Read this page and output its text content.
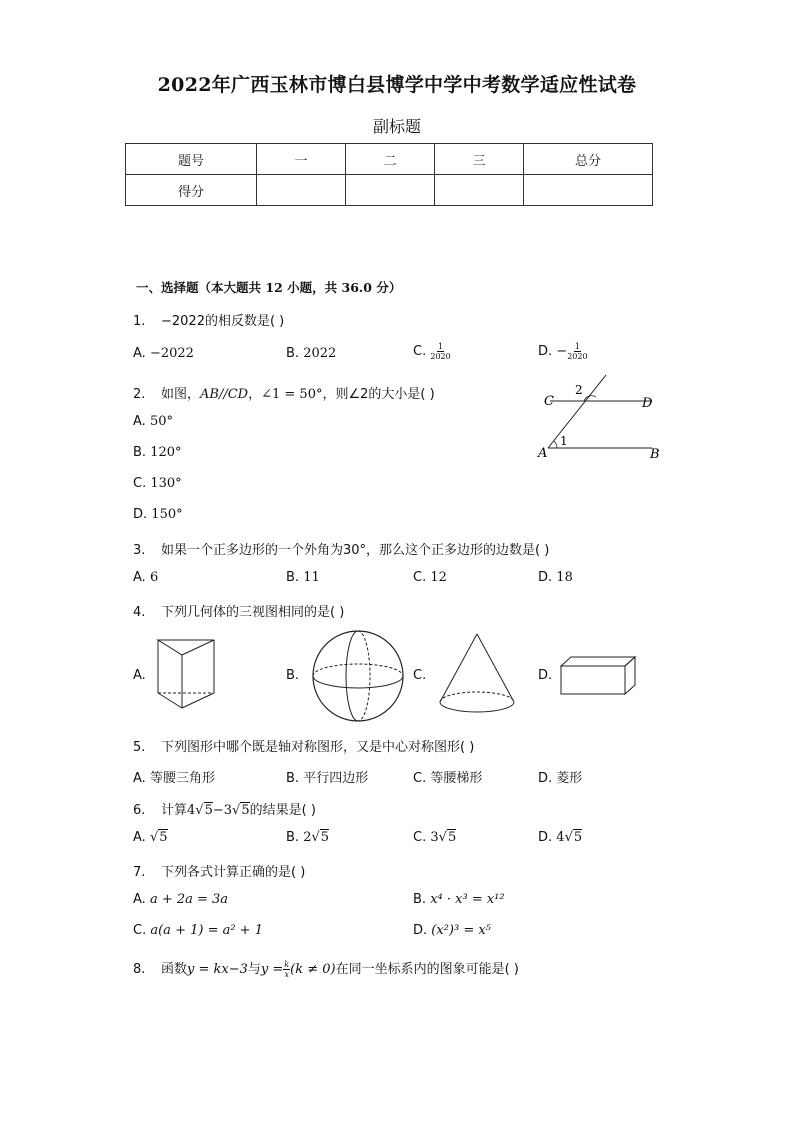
2022年广西玉林市博白县博学中学中考数学适应性试卷
副标题
题号	一	二	三	总分
得分				
一、选择题（本大题共 12 小题，共 36.0 分）
1. −2022的相反数是( )
A. −2022	B. 2022	C. $\frac{1}{2020}$	D. − $\frac{1}{2020}$
2. 如图，AB//CD，∠1 = 50°，则∠2的大小是( )
A. 50°
B. 120°
C. 130°
D. 150°
C	D
A	B
1
2
3. 如果一个正多边形的一个外角为30°，那么这个正多边形的边数是( )
A. 6	B. 11	C. 12	D. 18
4. 下列几何体的三视图相同的是( )
A.	B.	C.	D.
5. 下列图形中哪个既是轴对称图形，又是中心对称图形( )
A. 等腰三角形	B. 平行四边形	C. 等腰梯形	D. 菱形
6. 计算4√5−3√5的结果是( )
A. √5	B. 2√5	C. 3√5	D. 4√5
7. 下列各式计算正确的是( )
A. a + 2a = 3a	B. x⁴ · x³ = x¹²
C. a(a + 1) = a² + 1	D. (x²)³ = x⁵
8. 函数y = kx−3与$y = \frac{k}{x} (k \ne 0)$在同一坐标系内的图象可能是( )
